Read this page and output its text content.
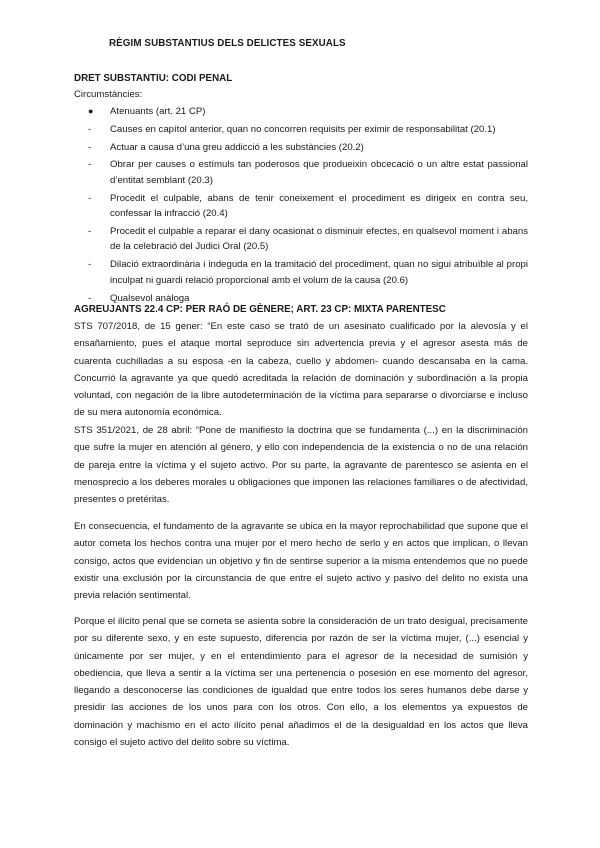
RÈGIM SUBSTANTIUS DELS DELICTES SEXUALS
DRET SUBSTANTIU: CODI PENAL
Circumstàncies:
●	Atenuants (art. 21 CP)
-	Causes en capítol anterior, quan no concorren requisits per eximir de responsabilitat (20.1)
-	Actuar a causa d’una greu addicció a les substàncies (20.2)
-	Obrar per causes o estímuls tan poderosos que produeixin obcecació o un altre estat passional d’entitat semblant (20.3)
-	Procedit el culpable, abans de tenir coneixement el procediment es dirigeix en contra seu, confessar la infracció (20.4)
-	Procedit el culpable a reparar el dany ocasionat o disminuir efectes, en qualsevol moment i abans de la celebració del Judici Oral (20.5)
-	Dilació extraordinària i indeguda en la tramitació del procediment, quan no sigui atribuïble al propi inculpat ni guardi relació proporcional amb el volum de la causa (20.6)
-	Qualsevol anàloga
AGREUJANTS 22.4 CP: PER RAÓ DE GÈNERE; ART. 23 CP: MIXTA PARENTESC

STS 707/2018, de 15 gener: “En este caso se trató de un asesinato cualificado por la alevosía y el ensañamiento, pues el ataque mortal seproduce sin advertencia previa y el agresor asesta más de cuarenta cuchilladas a su esposa -en la cabeza, cuello y abdomen- cuando descansaba en la cama. Concurrió la agravante ya que quedó acreditada la relación de dominación y subordinación a la propia voluntad, con negación de la libre autodeterminación de la víctima para separarse o divorciarse e incluso de su mera autonomía económica.

STS 351/2021, de 28 abril: “Pone de manifiesto la doctrina que se fundamenta (...) en la discriminación que sufre la mujer en atención al género, y ello con independencia de la existencia o no de una relación de pareja entre la víctima y el sujeto activo. Por su parte, la agravante de parentesco se asienta en el menosprecio a los deberes morales u obligaciones que imponen las relaciones familiares o de afectividad, presentes o pretéritas.

En consecuencia, el fundamento de la agravante se ubica en la mayor reprochabilidad que supone que el autor cometa los hechos contra una mujer por el mero hecho de serlo y en actos que implican, o llevan consigo, actos que evidencian un objetivo y fin de sentirse superior a la misma entendemos que no puede existir una exclusión por la circunstancia de que entre el sujeto activo y pasivo del delito no exista una previa relación sentimental.

Porque el ilícito penal que se cometa se asienta sobre la consideración de un trato desigual, precisamente por su diferente sexo, y en este supuesto, diferencia por razón de ser la víctima mujer, (...) esencial y únicamente por ser mujer, y en el entendimiento para el agresor de la necesidad de sumisión y obediencia, que lleva a sentir a la víctima ser una pertenencia o posesión en ese momento del agresor, llegando a desconocerse las condiciones de igualdad que entre todos los seres humanos debe darse y presidir las acciones de los unos para con los otros. Con ello, a los elementos ya expuestos de dominación y machismo en el acto ilícito penal añadimos el de la desigualdad en los actos que lleva consigo el sujeto activo del delito sobre su víctima.
